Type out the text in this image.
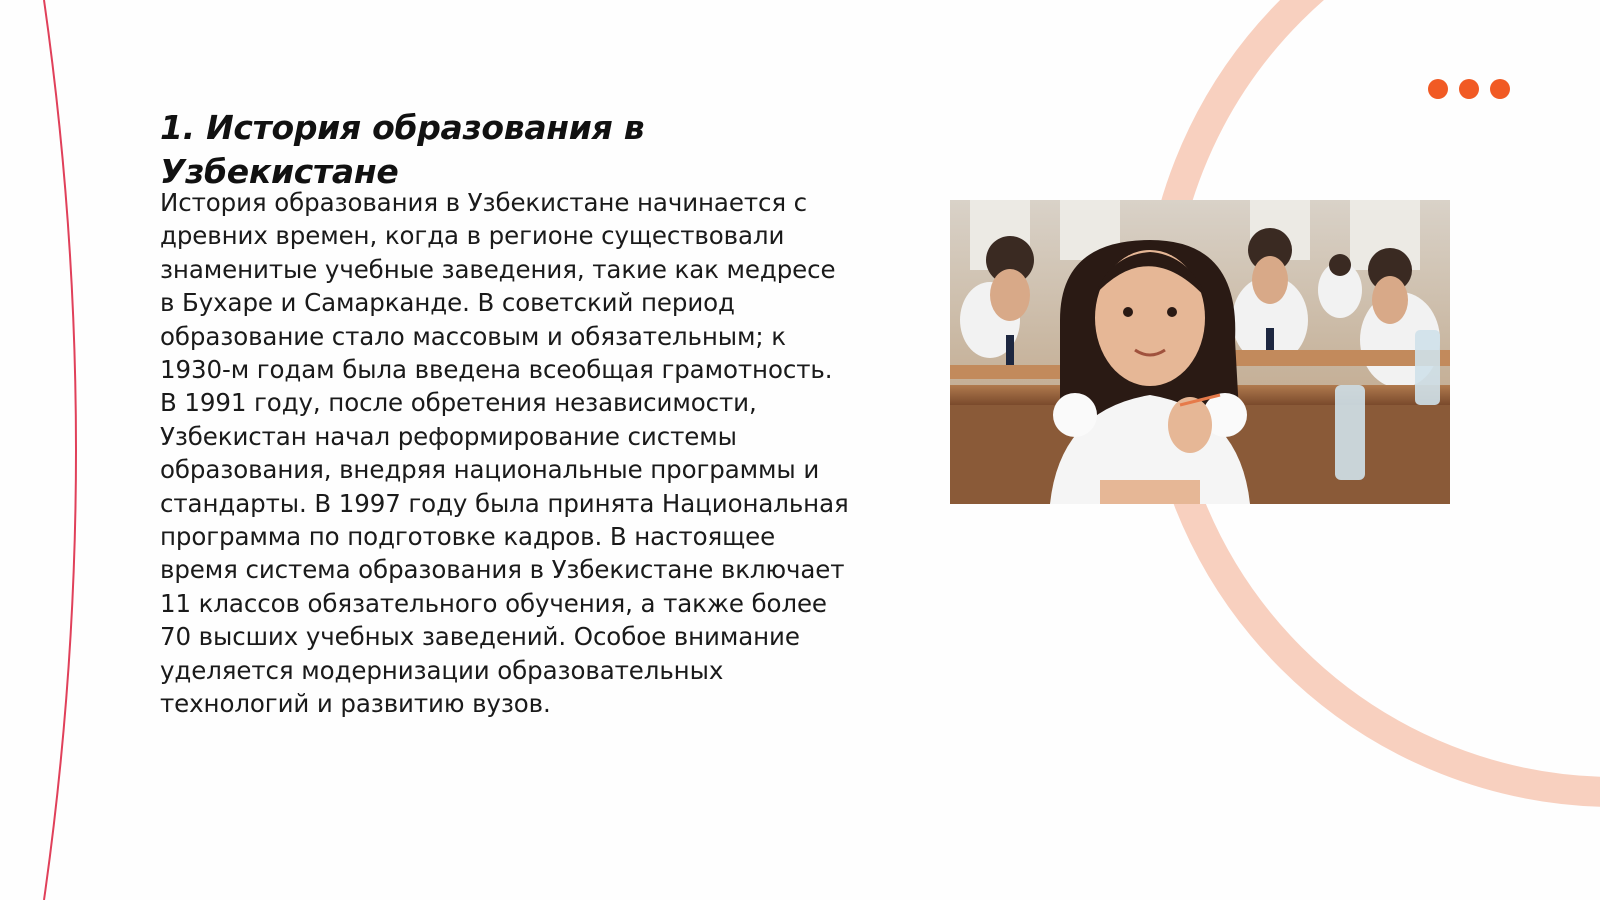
1. История образования в Узбекистане

История образования в Узбекистане начинается с древних времен, когда в регионе существовали знаменитые учебные заведения, такие как медресе в Бухаре и Самарканде. В советский период образование стало массовым и обязательным; к 1930-м годам была введена всеобщая грамотность. В 1991 году, после обретения независимости, Узбекистан начал реформирование системы образования, внедряя национальные программы и стандарты. В 1997 году была принята Национальная программа по подготовке кадров. В настоящее время система образования в Узбекистане включает 11 классов обязательного обучения, а также более 70 высших учебных заведений. Особое внимание уделяется модернизации образовательных технологий и развитию вузов.
